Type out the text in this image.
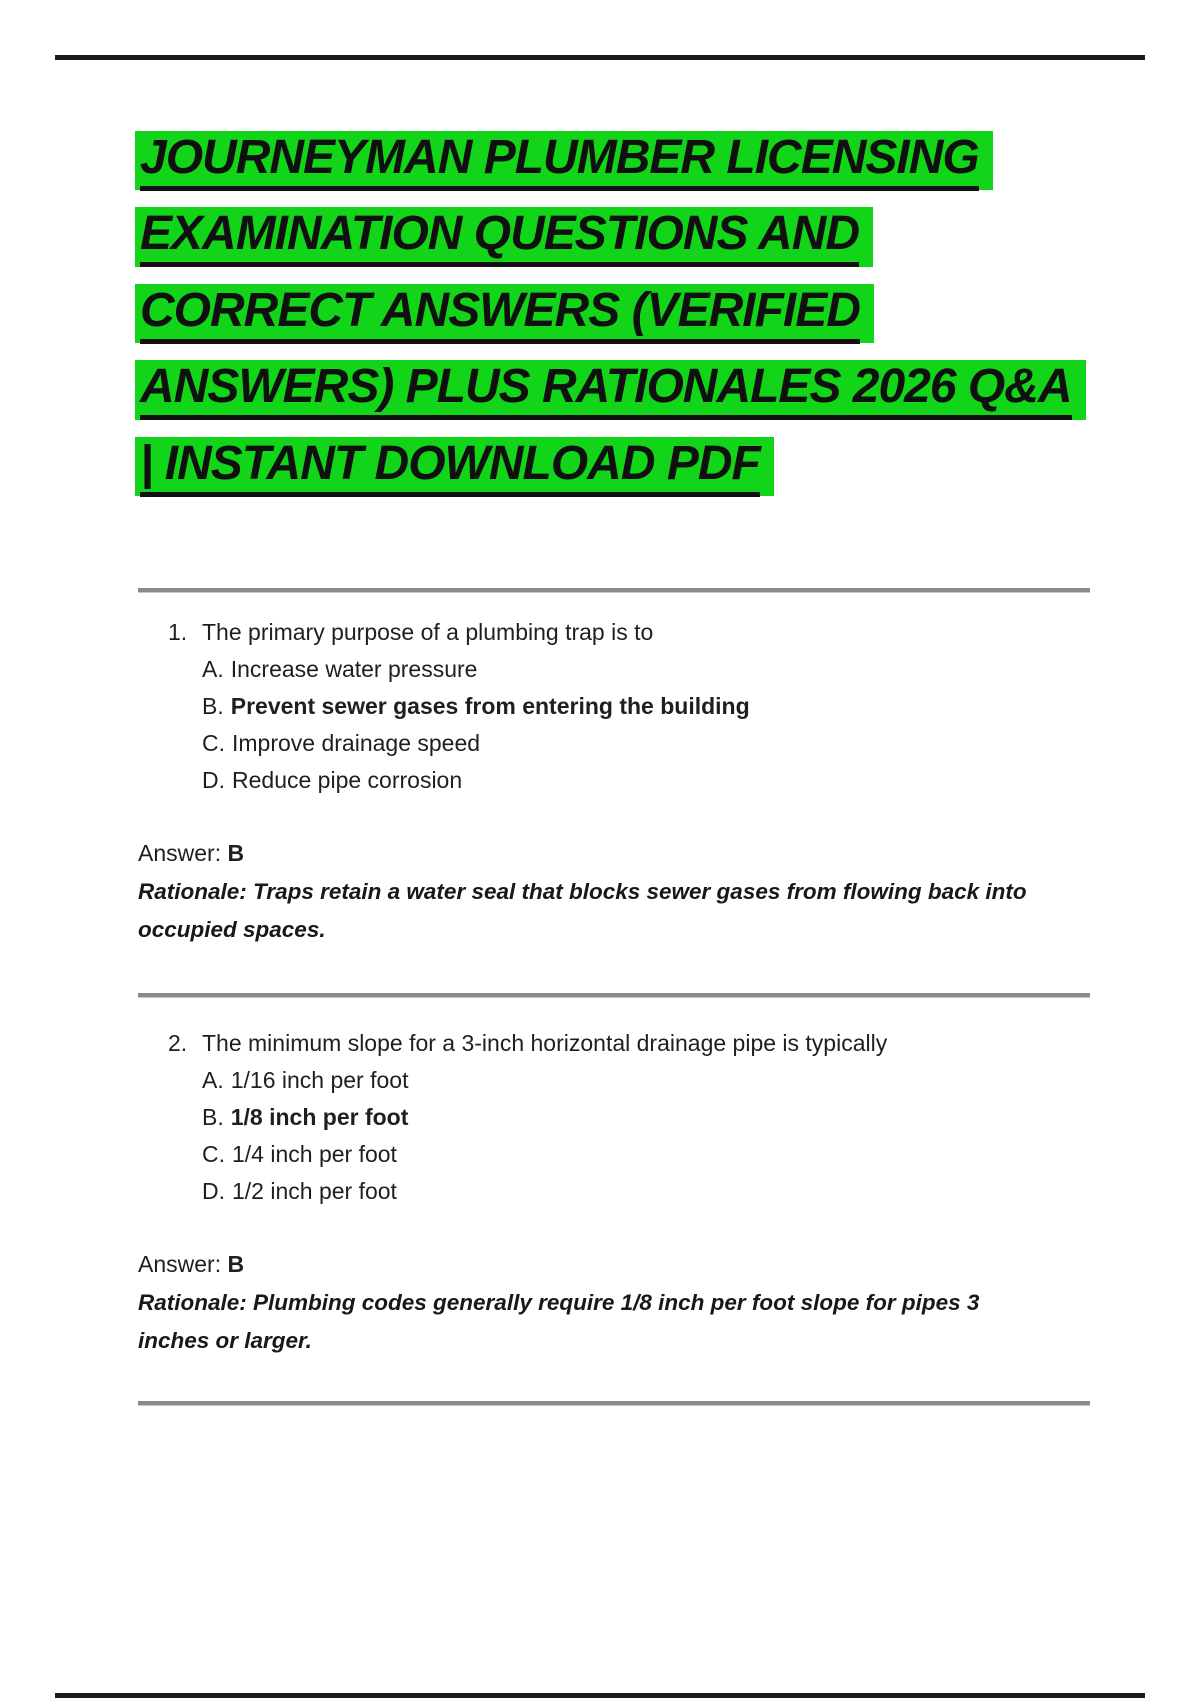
JOURNEYMAN PLUMBER LICENSING
EXAMINATION QUESTIONS AND
CORRECT ANSWERS (VERIFIED
ANSWERS) PLUS RATIONALES 2026 Q&A
| INSTANT DOWNLOAD PDF
1. The primary purpose of a plumbing trap is to
A. Increase water pressure
B. Prevent sewer gases from entering the building
C. Improve drainage speed
D. Reduce pipe corrosion
Answer: B
Rationale: Traps retain a water seal that blocks sewer gases from flowing back into occupied spaces.
2. The minimum slope for a 3-inch horizontal drainage pipe is typically
A. 1/16 inch per foot
B. 1/8 inch per foot
C. 1/4 inch per foot
D. 1/2 inch per foot
Answer: B
Rationale: Plumbing codes generally require 1/8 inch per foot slope for pipes 3 inches or larger.
